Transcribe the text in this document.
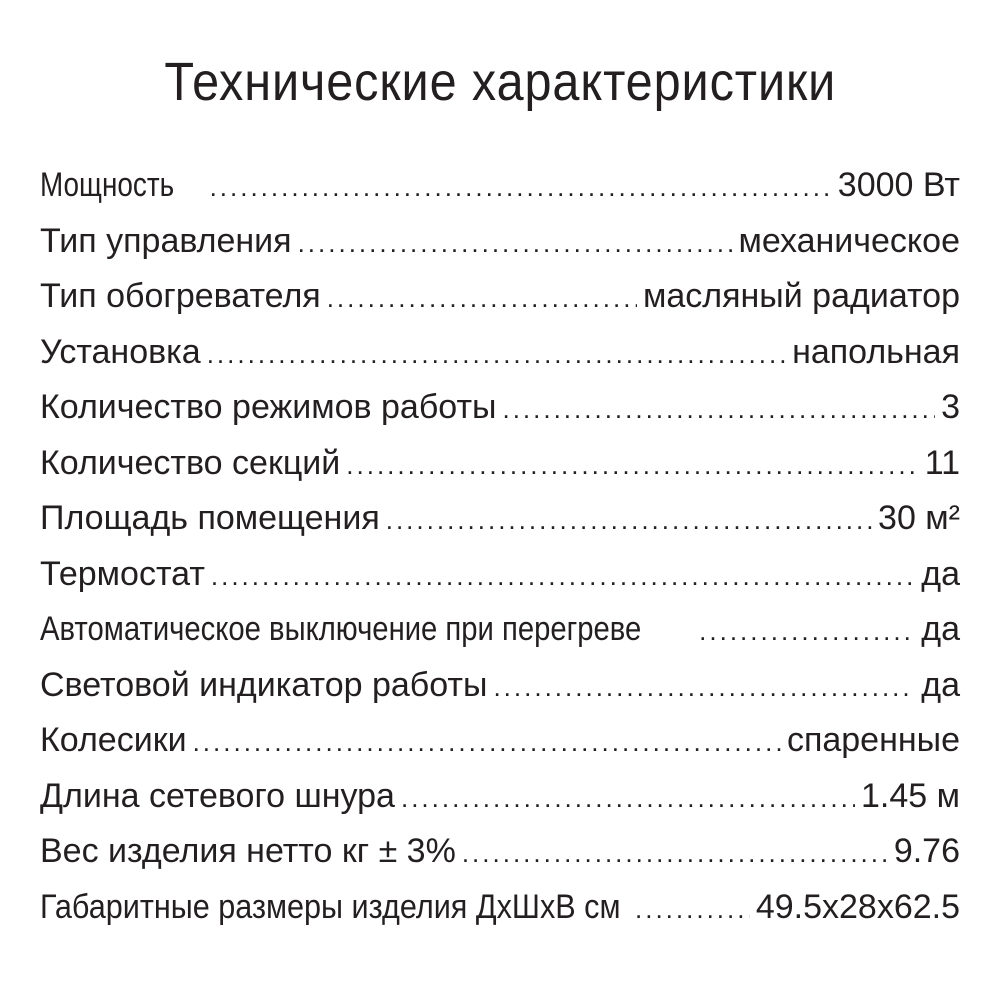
Технические характеристики
Мощность .....	3000 Вт
Тип управления .....	механическое
Тип обогревателя .....	масляный радиатор
Установка .....	напольная
Количество режимов работы .....	3
Количество секций .....	11
Площадь помещения .....	30 м²
Термостат .....	да
Автоматическое выключение при перегреве .....	да
Световой индикатор работы .....	да
Колесики .....	спаренные
Длина сетевого шнура .....	1.45 м
Вес изделия нетто кг ± 3% .....	9.76
Габаритные размеры изделия ДхШхВ см .....	49.5x28x62.5
